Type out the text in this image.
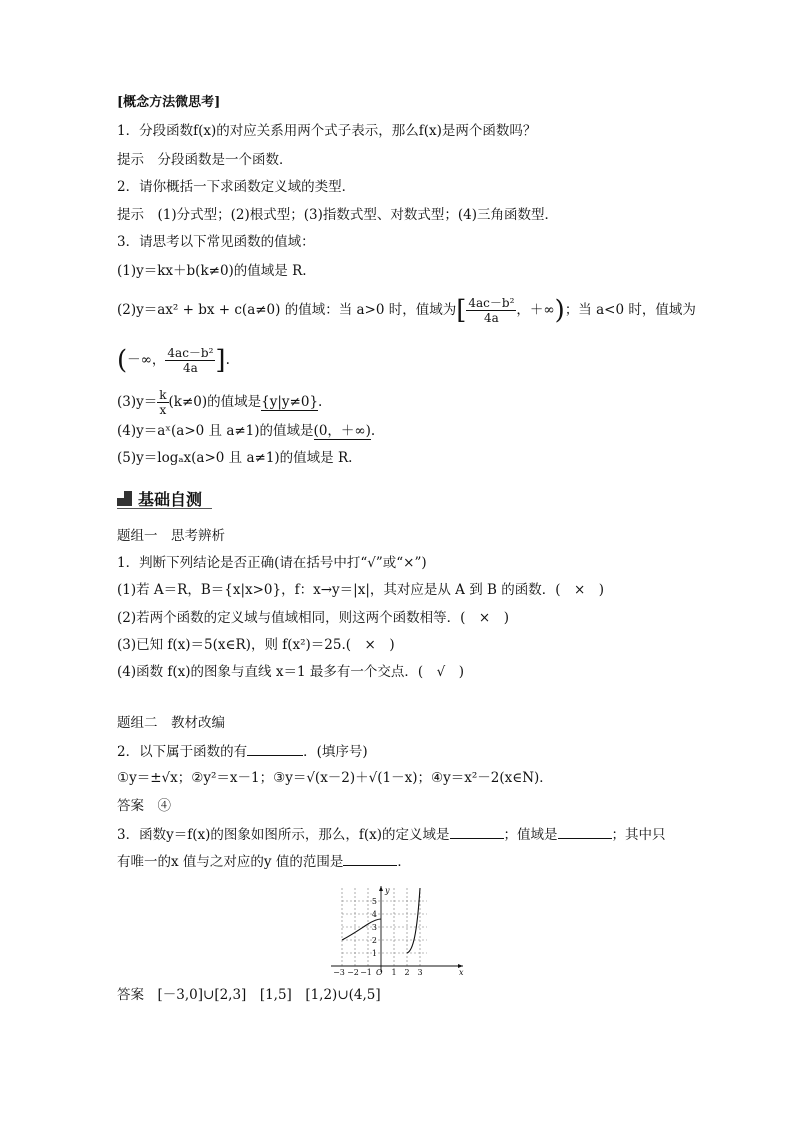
[概念方法微思考]
1．分段函数f(x)的对应关系用两个式子表示，那么f(x)是两个函数吗？
提示　分段函数是一个函数．
2．请你概括一下求函数定义域的类型．
提示　(1)分式型；(2)根式型；(3)指数式型、对数式型；(4)三角函数型．
3．请思考以下常见函数的值域：
(1)y＝kx＋b(k≠0)的值域是 R.
(2)y＝ax² + bx + c(a≠0) 的值域：当 a>0 时，值域为[ $\frac{\text{4ac－b²}}{4a}$ ，＋∞)；当 a<0 时，值域为
(－∞， $\frac{\text{4ac－b²}}{4a}$ ].
$(3)y= \frac{k}{x} (k\ne 0)$的值域是{y|y≠0}.
(4)y＝aˣ(a>0 且 a≠1)的值域是(0，＋∞).
(5)y＝logₐx(a>0 且 a≠1)的值域是 R.
基础自测
题组一　思考辨析
1．判断下列结论是否正确(请在括号中打“√”或“×”)
(1)若 A＝R，B＝{x|x>0}，f：x→y＝|x|，其对应是从 A 到 B 的函数．(　×　)
(2)若两个函数的定义域与值域相同，则这两个函数相等．(　×　)
(3)已知 f(x)＝5(x∈R)，则 f(x²)＝25.(　×　)
(4)函数 f(x)的图象与直线 x＝1 最多有一个交点．(　√　)
题组二　教材改编
2．以下属于函数的有	．(填序号)
①y＝±√x；②y²＝x－1；③y＝√(x－2)＋√(1－x)；④y＝x²－2(x∈N)．
答案　④
3．函数y＝f(x)的图象如图所示，那么，f(x)的定义域是	；值域是	；其中只
有唯一的x 值与之对应的y 值的范围是	．
−3 −2 −1 O 1 2 3	x
1
2
3
4
5
y
答案　[－3,0]∪[2,3]　[1,5]　[1,2)∪(4,5]
